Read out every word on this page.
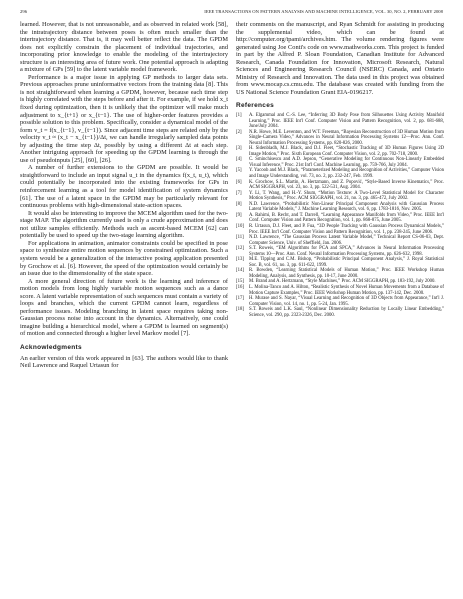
296	IEEE TRANSACTIONS ON PATTERN ANALYSIS AND MACHINE INTELLIGENCE, VOL. 30, NO. 2, FEBRUARY 2008

learned. However, that is not unreasonable, and as observed in related work [58], the intratrajectory distance between poses is often much smaller than the intertrajectory distance. That is, it may well better reflect the data. The GPDM does not explicitly constrain the placement of individual trajectories, and incorporating prior knowledge to enable the modeling of the intertrajectory structure is an interesting area of future work. One potential approach is adapting a mixture of GPs [59] to the latent variable model framework.

Performance is a major issue in applying GP methods to larger data sets. Previous approaches prune uninformative vectors from the training data [8]. This is not straightforward when learning a GPDM, however, because each time step is highly correlated with the steps before and after it. For example, if we hold x_t fixed during optimization, then it is unlikely that the optimizer will make much adjustment to x_{t+1} or x_{t−1}. The use of higher-order features provides a possible solution to this problem. Specifically, consider a dynamical model of the form v_t = f(x_{t−1}, v_{t−1}). Since adjacent time steps are related only by the velocity v_t ≈ (x_t − x_{t−1})/Δt, we can handle irregularly sampled data points by adjusting the time step Δt, possibly by using a different Δt at each step. Another intriguing approach for speeding up the GPDM learning is through the use of pseudoinputs [25], [60], [26].

A number of further extensions to the GPDM are possible. It would be straightforward to include an input signal u_t in the dynamics f(x_t, u_t), which could potentially be incorporated into the existing frameworks for GPs in reinforcement learning as a tool for model identification of system dynamics [61]. The use of a latent space in the GPDM may be particularly relevant for continuous problems with high-dimensional state-action spaces.

It would also be interesting to improve the MCEM algorithm used for the two-stage MAP. The algorithm currently used is only a crude approximation and does not utilize samples efficiently. Methods such as ascent-based MCEM [62] can potentially be used to speed up the two-stage learning algorithm.

For applications in animation, animator constraints could be specified in pose space to synthesize entire motion sequences by constrained optimization. Such a system would be a generalization of the interactive posing application presented by Grochow et al. [6]. However, the speed of the optimization would certainly be an issue due to the dimensionality of the state space.

A more general direction of future work is the learning and inference of motion models from long highly variable motion sequences such as a dance score. A latent variable representation of such sequences must contain a variety of loops and branches, which the current GPDM cannot learn, regardless of performance issues. Modeling branching in latent space requires taking non-Gaussian process noise into account in the dynamics. Alternatively, one could imagine building a hierarchical model, where a GPDM is learned on segment(s) of motion and connected through a higher level Markov model [7].

Acknowledgments

An earlier version of this work appeared in [63]. The authors would like to thank Neil Lawrence and Raquel Urtasun for

their comments on the manuscript, and Ryan Schmidt for assisting in producing the supplemental video, which can be found at http://computer.org/tpami/archives.htm. The volume rendering figures were generated using Joe Conti's code on www.mathworks.com. This project is funded in part by the Alfred P. Sloan Foundation, Canadian Institute for Advanced Research, Canada Foundation for Innovation, Microsoft Research, Natural Sciences and Engineering Research Council (NSERC) Canada, and Ontario Ministry of Research and Innovation. The data used in this project was obtained from www.mocap.cs.cmu.edu. The database was created with funding from the US National Science Foundation Grant EIA-0196217.

References

[1] A. Elgammal and C.-S. Lee, “Inferring 3D Body Pose from Silhouettes Using Activity Manifold Learning,” Proc. IEEE Int'l Conf. Computer Vision and Pattern Recognition, vol. 2, pp. 681-688, June/July 2004.

[2] N.R. Howe, M.E. Leventon, and W.T. Freeman, “Bayesian Reconstruction of 3D Human Motion from Single-Camera Video,” Advances in Neural Information Processing Systems 12—Proc. Ann. Conf. Neural Information Processing Systems, pp. 820-826, 2000.

[3] H. Sidenbladh, M.J. Black, and D.J. Fleet, “Stochastic Tracking of 3D Human Figures Using 2D Image Motion,” Proc. Sixth European Conf. Computer Vision, vol. 2, pp. 702-718, 2000.

[4] C. Sminchisescu and A.D. Jepson, “Generative Modeling for Continuous Non-Linearly Embedded Visual Inference,” Proc. 21st Int'l Conf. Machine Learning, pp. 759-766, July 2004.

[5] Y. Yacoob and M.J. Black, “Parameterized Modeling and Recognition of Activities,” Computer Vision and Image Understanding, vol. 73, no. 2, pp. 232-247, Feb. 1999.

[6] K. Grochow, S.L. Martin, A. Hertzmann, and Z. Popović, “Style-Based Inverse Kinematics,” Proc. ACM SIGGRAPH, vol. 23, no. 3, pp. 522-531, Aug. 2004.

[7] Y. Li, T. Wang, and H.-Y. Shum, “Motion Texture: A Two-Level Statistical Model for Character Motion Synthesis,” Proc. ACM SIGGRAPH, vol. 21, no. 3, pp. 465-472, July 2002.

[8] N.D. Lawrence, “Probabilistic Non-Linear Principal Component Analysis with Gaussian Process Latent Variable Models,” J. Machine Learning Research, vol. 6, pp. 1783-1816, Nov. 2005.

[9] A. Rahimi, B. Recht, and T. Darrell, “Learning Appearance Manifolds from Video,” Proc. IEEE Int'l Conf. Computer Vision and Pattern Recognition, vol. 1, pp. 868-875, June 2005.

[10] R. Urtasun, D.J. Fleet, and P. Fua, “3D People Tracking with Gaussian Process Dynamical Models,” Proc. IEEE Int'l Conf. Computer Vision and Pattern Recognition, vol. 1, pp. 238-245, June 2006.

[11] N.D. Lawrence, “The Gaussian Process Latent Variable Model,” Technical Report CS-06-03, Dept. Computer Science, Univ. of Sheffield, Jan. 2006.

[12] S.T. Roweis, “EM Algorithms for PCA and SPCA,” Advances in Neural Information Processing Systems 10—Proc. Ann. Conf. Neural Information Processing Systems, pp. 626-632, 1998.

[13] M.E. Tipping and C.M. Bishop, “Probabilistic Principal Component Analysis,” J. Royal Statistical Soc. B, vol. 61, no. 3, pp. 611-622, 1999.

[14] R. Bowden, “Learning Statistical Models of Human Motion,” Proc. IEEE Workshop Human Modeling, Analysis, and Synthesis, pp. 10-17, June 2000.

[15] M. Brand and A. Hertzmann, “Style Machines,” Proc. ACM SIGGRAPH, pp. 183-192, July 2000.

[16] L. Molina-Tanco and A. Hilton, “Realistic Synthesis of Novel Human Movements from a Database of Motion Capture Examples,” Proc. IEEE Workshop Human Motion, pp. 137-142, Dec. 2000.

[17] H. Murase and S. Nayar, “Visual Learning and Recognition of 3D Objects from Appearance,” Int'l J. Computer Vision, vol. 14, no. 1, pp. 5-24, Jan. 1995.

[18] S.T. Roweis and L.K. Saul, “Nonlinear Dimensionality Reduction by Locally Linear Embedding,” Science, vol. 290, pp. 2323-2326, Dec. 2000.
